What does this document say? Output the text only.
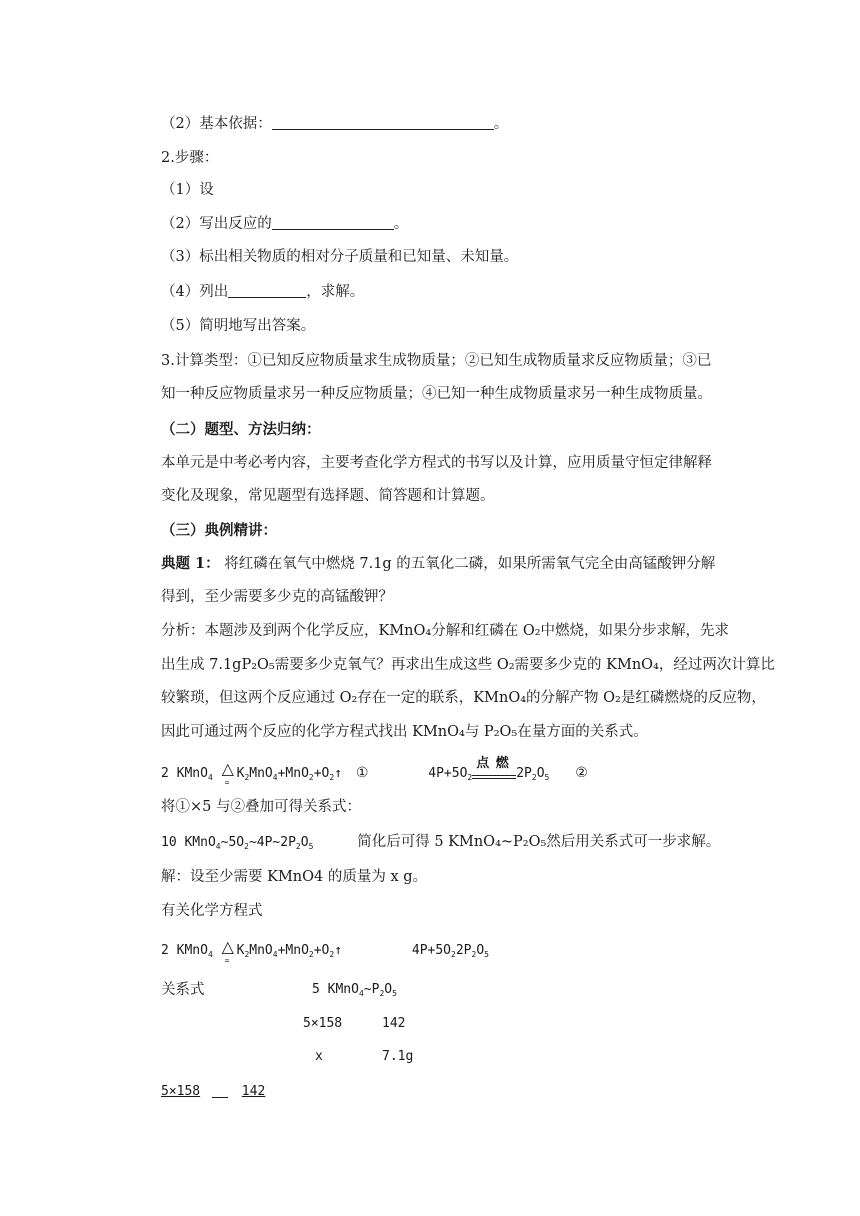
（2）基本依据：	。
2.步骤：
（1）设
（2）写出反应的	。
（3）标出相关物质的相对分子质量和已知量、未知量。
（4）列出	，求解。
（5）简明地写出答案。
3.计算类型：①已知反应物质量求生成物质量；②已知生成物质量求反应物质量；③已
知一种反应物质量求另一种反应物质量；④已知一种生成物质量求另一种生成物质量。
（二）题型、方法归纳：
本单元是中考必考内容，主要考查化学方程式的书写以及计算，应用质量守恒定律解释
变化及现象，常见题型有选择题、简答题和计算题。
（三）典例精讲：
典题 1： 将红磷在氧气中燃烧 7.1g 的五氧化二磷，如果所需氧气完全由高锰酸钾分解
得到，至少需要多少克的高锰酸钾？
分析：本题涉及到两个化学反应，KMnO₄分解和红磷在 O₂中燃烧，如果分步求解，先求
出生成 7.1gP₂O₅需要多少克氧气？再求出生成这些 O₂需要多少克的 KMnO₄，经过两次计算比
较繁琐，但这两个反应通过 O₂存在一定的联系，KMnO₄的分解产物 O₂是红磷燃烧的反应物，
因此可通过两个反应的化学方程式找出 KMnO₄与 P₂O₅在量方面的关系式。
2 KMnO$_4$ △
=
$K_2MnO_4+MnO_2+O_2↑$ ①	$4P+5O_2$
点 燃
$2P_2O_5$ ②
将①×5 与②叠加可得关系式：
10 $KMnO_4\sim 5O_2\sim 4P\sim 2P_2O_5$	简化后可得 5 KMnO₄~P₂O₅然后用关系式可一步求解。
解：设至少需要 KMnO4 的质量为 x g。
有关化学方程式
2 KMnO$_4$ △
=
$K_2MnO_4+MnO_2+O_2↑$	$4P+5O_22P_2O_5$
关系式	5 $KMnO_4\sim P_2O_5$
5×158	142
x	7.1g
5×158	142
